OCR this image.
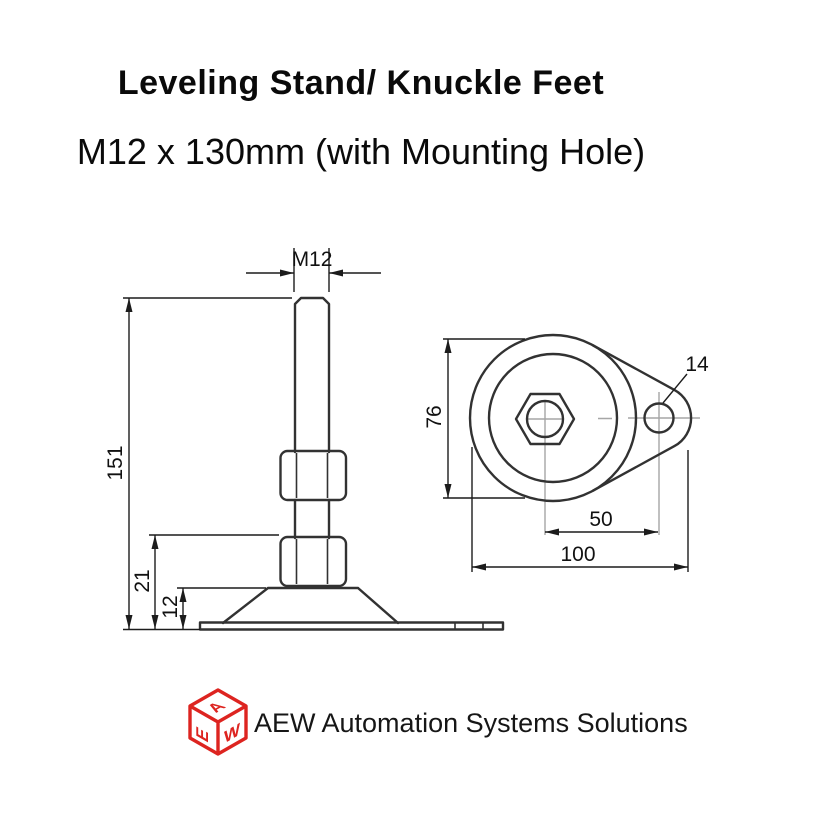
Leveling Stand/ Knuckle Feet
M12 x 130mm (with Mounting Hole)
M12
151
21
12
76
14
50
100
A
E W AEW Automation Systems Solutions
